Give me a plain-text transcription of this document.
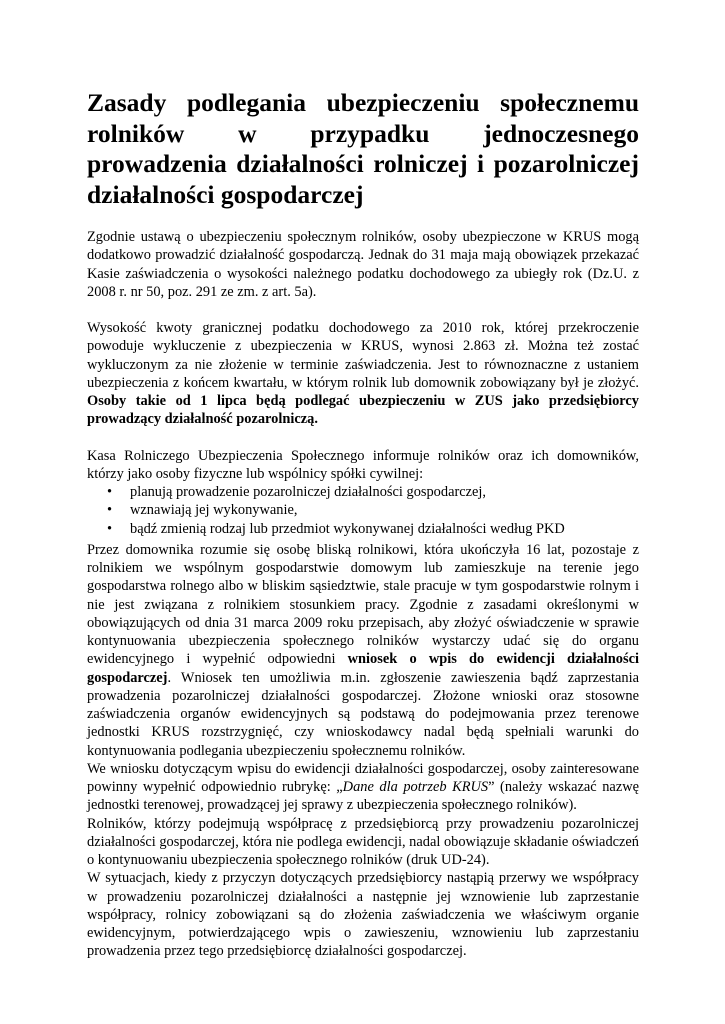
Zasady podlegania ubezpieczeniu społecznemu rolników w przypadku jednoczesnego prowadzenia działalności rolniczej i pozarolniczej działalności gospodarczej

Zgodnie ustawą o ubezpieczeniu społecznym rolników, osoby ubezpieczone w KRUS mogą dodatkowo prowadzić działalność gospodarczą. Jednak do 31 maja mają obowiązek przekazać Kasie zaświadczenia o wysokości należnego podatku dochodowego za ubiegły rok (Dz.U. z 2008 r. nr 50, poz. 291 ze zm. z art. 5a).

Wysokość kwoty granicznej podatku dochodowego za 2010 rok, której przekroczenie powoduje wykluczenie z ubezpieczenia w KRUS, wynosi 2.863 zł. Można też zostać wykluczonym za nie złożenie w terminie zaświadczenia. Jest to równoznaczne z ustaniem ubezpieczenia z końcem kwartału, w którym rolnik lub domownik zobowiązany był je złożyć. Osoby takie od 1 lipca będą podlegać ubezpieczeniu w ZUS jako przedsiębiorcy prowadzący działalność pozarolniczą.

Kasa Rolniczego Ubezpieczenia Społecznego informuje rolników oraz ich domowników, którzy jako osoby fizyczne lub wspólnicy spółki cywilnej:

• planują prowadzenie pozarolniczej działalności gospodarczej,
• wznawiają jej wykonywanie,
• bądź zmienią rodzaj lub przedmiot wykonywanej działalności według PKD

Przez domownika rozumie się osobę bliską rolnikowi, która ukończyła 16 lat, pozostaje z rolnikiem we wspólnym gospodarstwie domowym lub zamieszkuje na terenie jego gospodarstwa rolnego albo w bliskim sąsiedztwie, stale pracuje w tym gospodarstwie rolnym i nie jest związana z rolnikiem stosunkiem pracy. Zgodnie z zasadami określonymi w obowiązujących od dnia 31 marca 2009 roku przepisach, aby złożyć oświadczenie w sprawie kontynuowania ubezpieczenia społecznego rolników wystarczy udać się do organu ewidencyjnego i wypełnić odpowiedni wniosek o wpis do ewidencji działalności gospodarczej. Wniosek ten umożliwia m.in. zgłoszenie zawieszenia bądź zaprzestania prowadzenia pozarolniczej działalności gospodarczej. Złożone wnioski oraz stosowne zaświadczenia organów ewidencyjnych są podstawą do podejmowania przez terenowe jednostki KRUS rozstrzygnięć, czy wnioskodawcy nadal będą spełniali warunki do kontynuowania podlegania ubezpieczeniu społecznemu rolników.

We wniosku dotyczącym wpisu do ewidencji działalności gospodarczej, osoby zainteresowane powinny wypełnić odpowiednio rubrykę: „Dane dla potrzeb KRUS” (należy wskazać nazwę jednostki terenowej, prowadzącej jej sprawy z ubezpieczenia społecznego rolników).

Rolników, którzy podejmują współpracę z przedsiębiorcą przy prowadzeniu pozarolniczej działalności gospodarczej, która nie podlega ewidencji, nadal obowiązuje składanie oświadczeń o kontynuowaniu ubezpieczenia społecznego rolników (druk UD-24).

W sytuacjach, kiedy z przyczyn dotyczących przedsiębiorcy nastąpią przerwy we współpracy w prowadzeniu pozarolniczej działalności a następnie jej wznowienie lub zaprzestanie współpracy, rolnicy zobowiązani są do złożenia zaświadczenia we właściwym organie ewidencyjnym, potwierdzającego wpis o zawieszeniu, wznowieniu lub zaprzestaniu prowadzenia przez tego przedsiębiorcę działalności gospodarczej.
